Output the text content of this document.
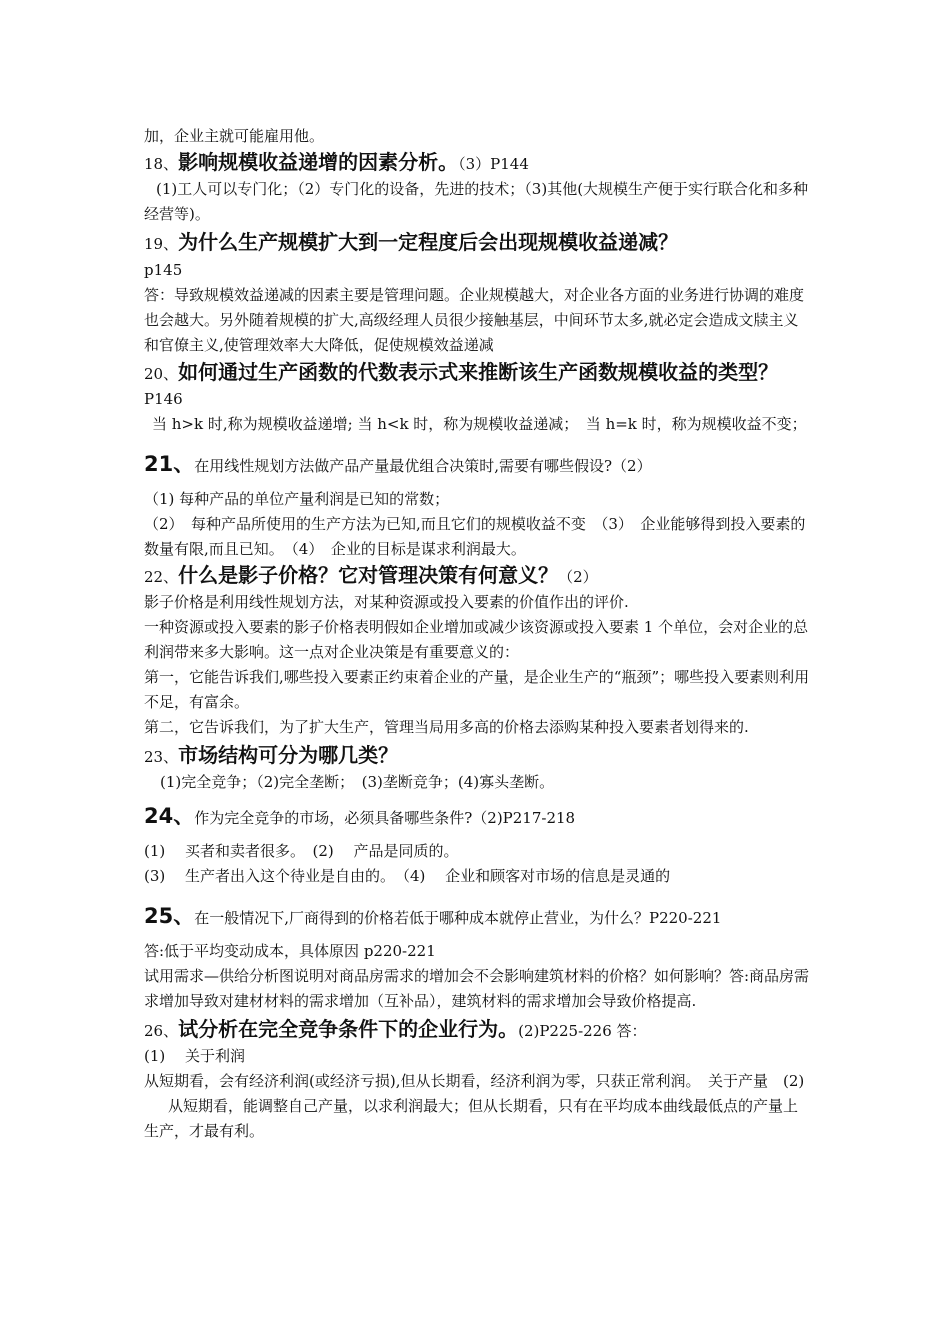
加，企业主就可能雇用他。

18、影响规模收益递增的因素分析。（3）P144

(1)工人可以专门化；（2）专门化的设备，先进的技术；（3)其他(大规模生产便于实行联合化和多种经营等)。

19、为什么生产规模扩大到一定程度后会出现规模收益递减？
p145

答：导致规模效益递减的因素主要是管理问题。企业规模越大，对企业各方面的业务进行协调的难度也会越大。另外随着规模的扩大,高级经理人员很少接触基层，中间环节太多,就必定会造成文牍主义和官僚主义,使管理效率大大降低，促使规模效益递减

20、如何通过生产函数的代数表示式来推断该生产函数规模收益的类型？P146

当 h>k 时,称为规模收益递增; 当 h<k 时，称为规模收益递减；　当 h=k 时，称为规模收益不变；

21、在用线性规划方法做产品产量最优组合决策时,需要有哪些假设?（2）

（1) 每种产品的单位产量利润是已知的常数；

（2）　每种产品所使用的生产方法为已知,而且它们的规模收益不变　（3）　企业能够得到投入要素的数量有限,而且已知。　（4）　企业的目标是谋求利润最大。

22、什么是影子价格？它对管理决策有何意义？（2）

影子价格是利用线性规划方法，对某种资源或投入要素的价值作出的评价.

一种资源或投入要素的影子价格表明假如企业增加或减少该资源或投入要素 1 个单位，会对企业的总利润带来多大影响。这一点对企业决策是有重要意义的：

第一，它能告诉我们,哪些投入要素正约束着企业的产量，是企业生产的“瓶颈”；哪些投入要素则利用不足，有富余。

第二，它告诉我们，为了扩大生产，管理当局用多高的价格去添购某种投入要素者划得来的.

23、市场结构可分为哪几类？

(1)完全竞争；（2)完全垄断；　(3)垄断竞争；(4)寡头垄断。

24、作为完全竞争的市场，必须具备哪些条件?（2)P217-218

(1)　 买者和卖者很多。　(2)　 产品是同质的。

(3)　 生产者出入这个待业是自由的。　（4)　 企业和顾客对市场的信息是灵通的

25、在一般情况下,厂商得到的价格若低于哪种成本就停止营业，为什么？P220-221

答:低于平均变动成本，具体原因 p220-221

试用需求—供给分析图说明对商品房需求的增加会不会影响建筑材料的价格？如何影响？答:商品房需求增加导致对建材材料的需求增加（互补品），建筑材料的需求增加会导致价格提高.

26、试分析在完全竞争条件下的企业行为。(2)P225-226 答：

(1)　 关于利润

从短期看，会有经济利润(或经济亏损),但从长期看，经济利润为零，只获正常利润。　关于产量　(2)

从短期看，能调整自己产量，以求利润最大；但从长期看，只有在平均成本曲线最低点的产量上生产，才最有利。
